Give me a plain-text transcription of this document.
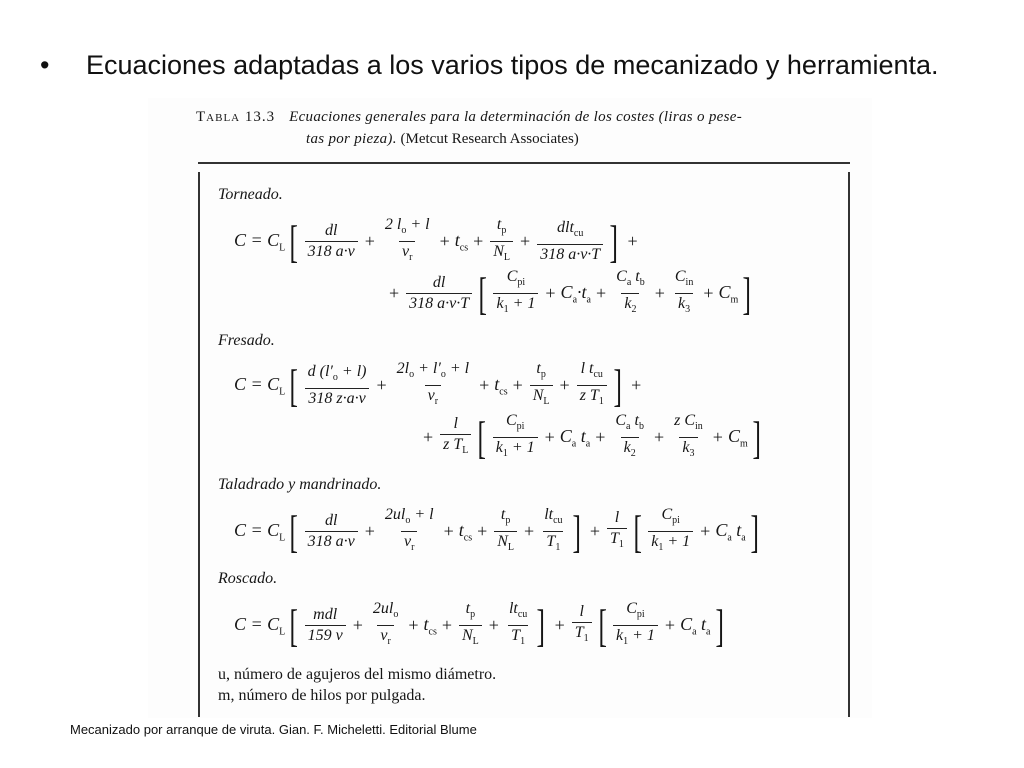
• Ecuaciones adaptadas a los varios tipos de mecanizado y herramienta.
Tabla 13.3 Ecuaciones generales para la determinación de los costes (liras o pese-
tas por pieza). (Metcut Research Associates)
Torneado.
$C = C_L$ [ $\frac{dl}{318 a\cdot v} + \frac{2 l_o + l}{v_r} + t_{cs} + \frac{t_p}{N_L} + \frac{dlt_{cu}}{318 a\cdot v\cdot T}$ ] +
+ $\frac{dl}{318 a\cdot v\cdot T}$ [ $\frac{C_{pi}}{k_1 + 1} + C_a\cdot t_a + \frac{C_a t_b}{k_2} + \frac{C_{in}}{k_3} + C_m$ ]
Fresado.
$C = C_L$ [ $\frac{d (l'_o + l)}{318 z\cdot a\cdot v} + \frac{2l_o + l'_o + l}{v_r} + t_{cs} + \frac{t_p}{N_L} + \frac{l t_{cu}}{z T_1}$ ] +
+ $\frac{l}{z T_L}$ [ $\frac{C_{pi}}{k_1 + 1} + C_a$ $t_a + \frac{C_a t_b}{k_2} + \frac{z C_{in}}{k_3} + C_m$ ]
Taladrado y mandrinado.
$C = C_L$ [ $\frac{dl}{318 a\cdot v} + \frac{2ul_o + l}{v_r} + t_{cs} + \frac{t_p}{N_L} + \frac{lt_{cu}}{T_1}$ ] + $\frac{l}{T_1}$ [ $\frac{C_{pi}}{k_1 + 1} + C_a$ $t_a$ ]
Roscado.
$C = C_L$ [ $\frac{\text{mdl}}{159 v} + \frac{2ul_o}{v_r} + t_{cs} + \frac{t_p}{N_L} + \frac{lt_{cu}}{T_1}$ ] + $\frac{l}{T_1}$ [ $\frac{C_{pi}}{k_1 + 1} + C_a$ $t_a$ ]
u, número de agujeros del mismo diámetro.
m, número de hilos por pulgada.
Mecanizado por arranque de viruta. Gian. F. Micheletti. Editorial Blume
